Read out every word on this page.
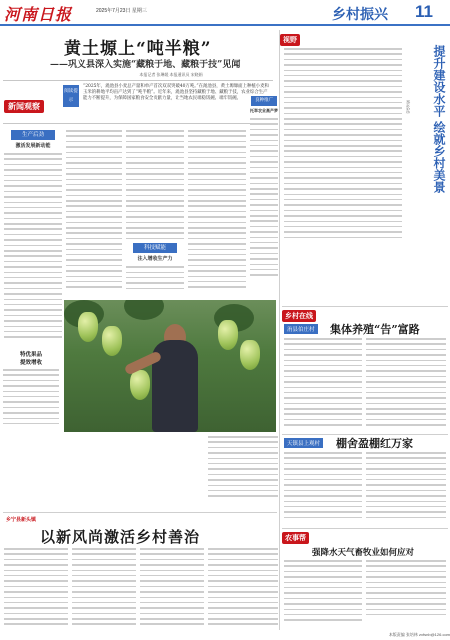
河南日报	2025年7月23日 星期三	乡村振兴 11
黄土塬上“吨半粮”
——巩义县深入实施“藏粮于地、藏粮于技”见闻
本报记者 张琳媛 本报通讯员 宋晓娟
阅读提示
“2025年，渑池县小麦总产量和单产首次双双突破40万吨。”在渑池县，黄土塬塬面上种植小麦和玉米的耕地平均亩产达到了“吨半粮”。近年来，渑池县坚持藏粮于地、藏粮于技，农业综合生产能力不断提升，为保障国家粮食安全贡献力量，让当地农民端稳饭碗、端牢饭碗。
新闻观察
生产后劲
激活发展新动能
科技赋能
注入增收生产力
良种推广
托举农业高产梦
特优果品
提效增收
乡宁县新头镇
以新风尚激活乡村善治
视野
提升建设水平 绘就乡村美景
李长东
乡村在线
洧县伯庄村 集体养殖“告”富路
天镇县上观村 棚舍盈棚红万家
农事帮
强降水天气畜牧业如何应对
本版责编 张培林 zxfsnb@126.com
